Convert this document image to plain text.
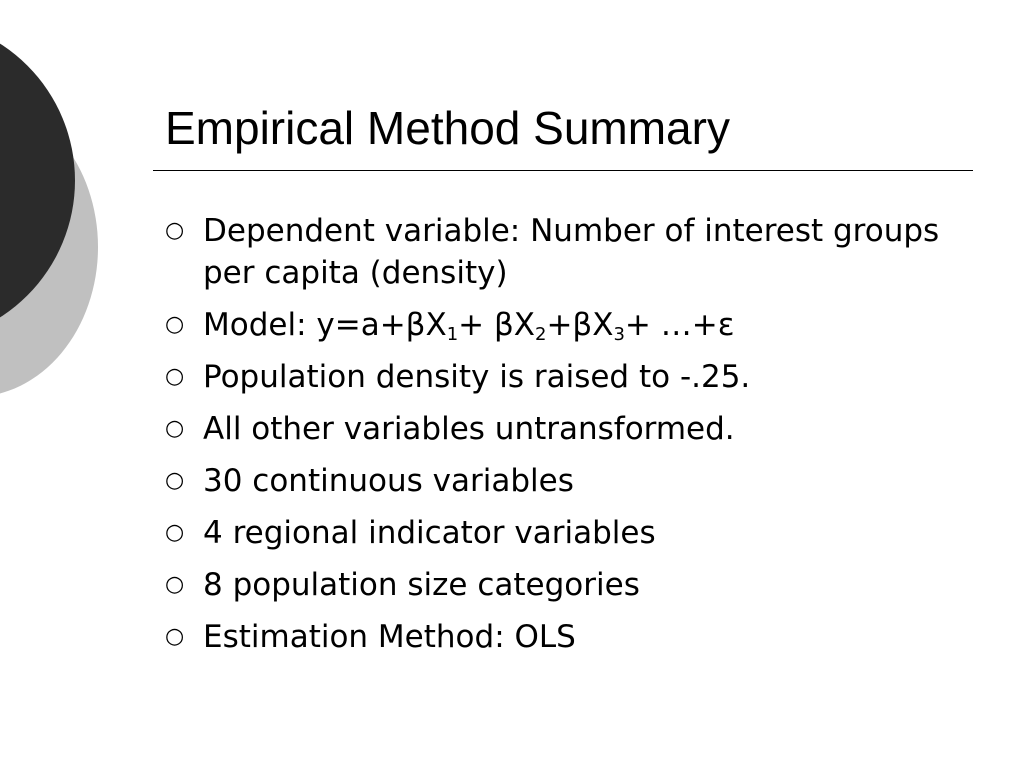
Empirical Method Summary
○ Dependent variable: Number of interest groups per capita (density)
○ Model: $y=a+\beta X_1+ \beta X_2+\beta X_3+$ …+ε
○ Population density is raised to -.25.
○ All other variables untransformed.
○ 30 continuous variables
○ 4 regional indicator variables
○ 8 population size categories
○ Estimation Method: OLS
